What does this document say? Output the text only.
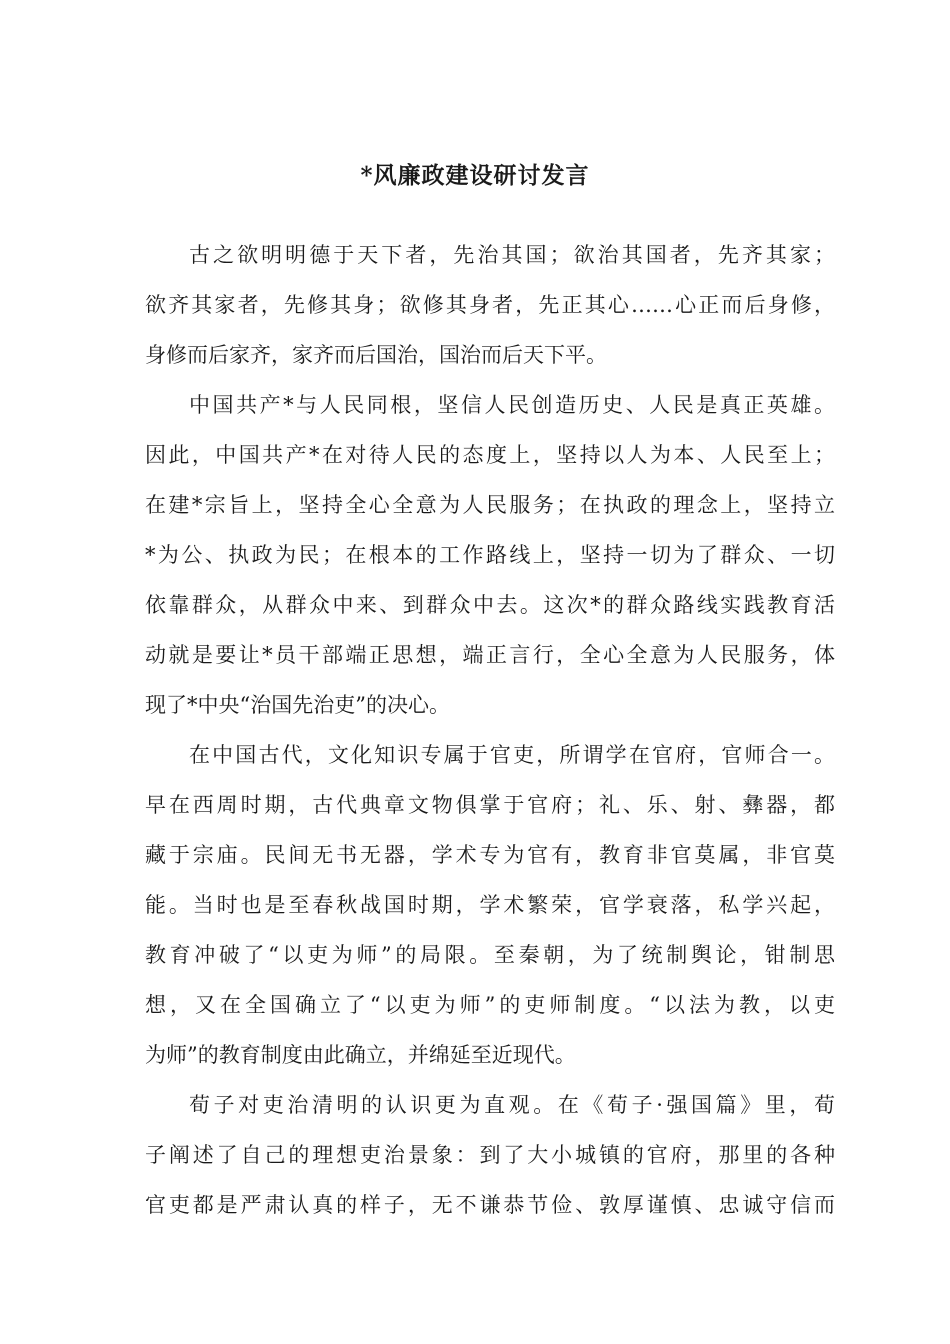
*风廉政建设研讨发言
古之欲明明德于天下者，先治其国；欲治其国者，先齐其家；
欲齐其家者，先修其身；欲修其身者，先正其心……心正而后身修，
身修而后家齐，家齐而后国治，国治而后天下平。
中国共产*与人民同根，坚信人民创造历史、人民是真正英雄。
因此，中国共产*在对待人民的态度上，坚持以人为本、人民至上；
在建*宗旨上，坚持全心全意为人民服务；在执政的理念上，坚持立
*为公、执政为民；在根本的工作路线上，坚持一切为了群众、一切
依靠群众，从群众中来、到群众中去。这次*的群众路线实践教育活
动就是要让*员干部端正思想，端正言行，全心全意为人民服务，体
现了*中央“治国先治吏”的决心。
在中国古代，文化知识专属于官吏，所谓学在官府，官师合一。
早在西周时期，古代典章文物俱掌于官府；礼、乐、射、彝器，都
藏于宗庙。民间无书无器，学术专为官有，教育非官莫属，非官莫
能。当时也是至春秋战国时期，学术繁荣，官学衰落，私学兴起，
教育冲破了“以吏为师”的局限。至秦朝，为了统制舆论，钳制思
想，又在全国确立了“以吏为师”的吏师制度。“以法为教，以吏
为师”的教育制度由此确立，并绵延至近现代。
荀子对吏治清明的认识更为直观。在《荀子·强国篇》里，荀
子阐述了自己的理想吏治景象：到了大小城镇的官府，那里的各种
官吏都是严肃认真的样子，无不谦恭节俭、敦厚谨慎、忠诚守信而
